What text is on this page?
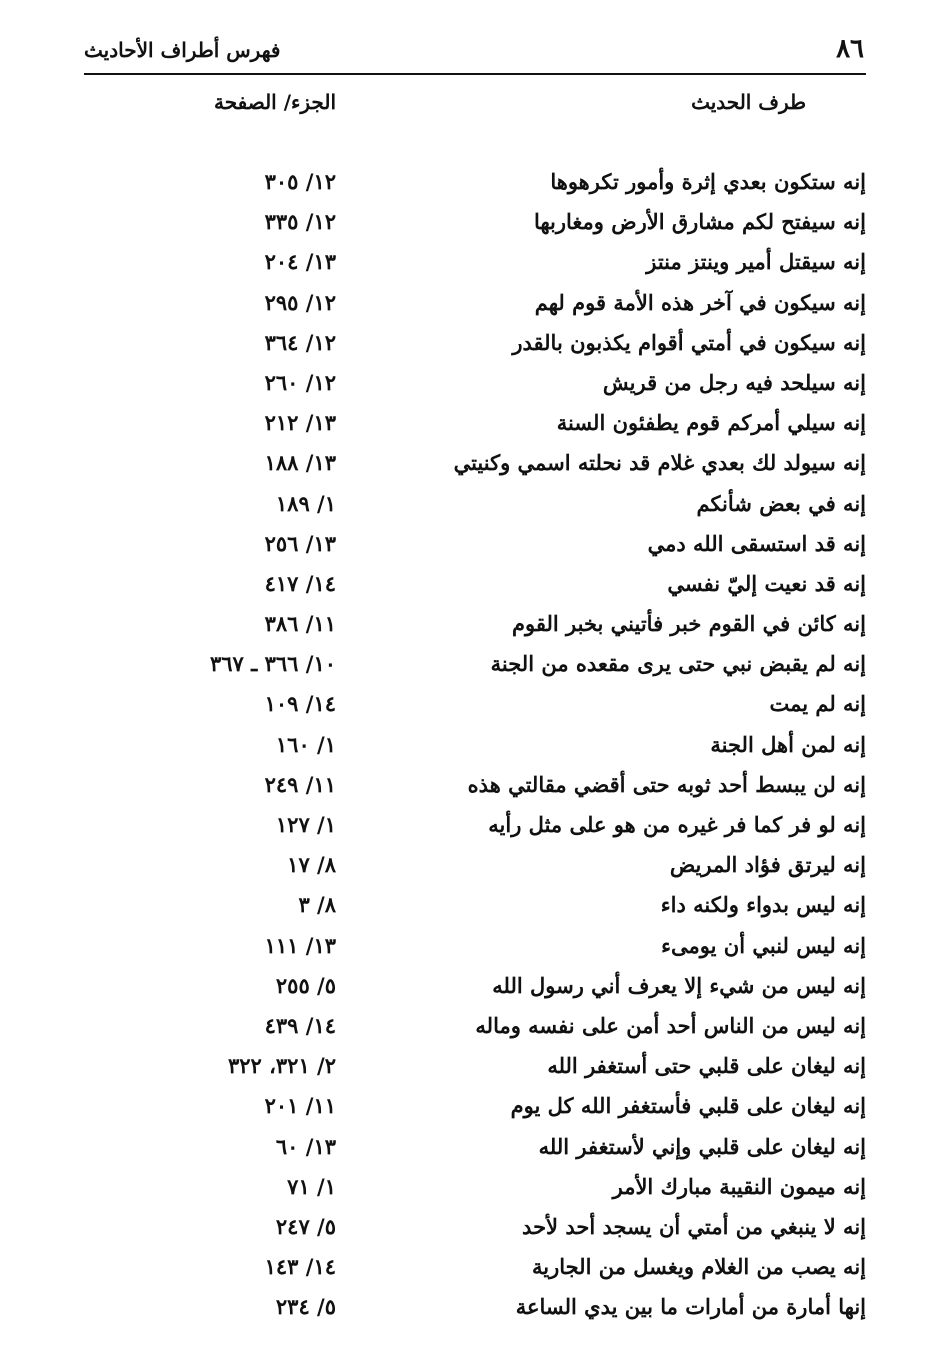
٨٦
فهرس أطراف الأحاديث
طرف الحديث
الجزء/ الصفحة
إنه ستكون بعدي إثرة وأمور تكرهوها
١٢/ ٣٠٥
إنه سيفتح لكم مشارق الأرض ومغاربها
١٢/ ٣٣٥
إنه سيقتل أمير وينتز منتز
١٣/ ٢٠٤
إنه سيكون في آخر هذه الأمة قوم لهم
١٢/ ٢٩٥
إنه سيكون في أمتي أقوام يكذبون بالقدر
١٢/ ٣٦٤
إنه سيلحد فيه رجل من قريش
١٢/ ٢٦٠
إنه سيلي أمركم قوم يطفئون السنة
١٣/ ٢١٢
إنه سيولد لك بعدي غلام قد نحلته اسمي وكنيتي
١٣/ ١٨٨
إنه في بعض شأنكم
١/ ١٨٩
إنه قد استسقى الله دمي
١٣/ ٢٥٦
إنه قد نعيت إليّ نفسي
١٤/ ٤١٧
إنه كائن في القوم خبر فأتيني بخبر القوم
١١/ ٣٨٦
إنه لم يقبض نبي حتى يرى مقعده من الجنة
١٠/ ٣٦٦ ـ ٣٦٧
إنه لم يمت
١٤/ ١٠٩
إنه لمن أهل الجنة
١/ ١٦٠
إنه لن يبسط أحد ثوبه حتى أقضي مقالتي هذه
١١/ ٢٤٩
إنه لو فر كما فر غيره من هو على مثل رأيه
١/ ١٢٧
إنه ليرتق فؤاد المريض
٨/ ١٧
إنه ليس بدواء ولكنه داء
٨/ ٣
إنه ليس لنبي أن يومىء
١٣/ ١١١
إنه ليس من شيء إلا يعرف أني رسول الله
٥/ ٢٥٥
إنه ليس من الناس أحد أمن على نفسه وماله
١٤/ ٤٣٩
إنه ليغان على قلبي حتى أستغفر الله
٢/ ٣٢١، ٣٢٢
إنه ليغان على قلبي فأستغفر الله كل يوم
١١/ ٢٠١
إنه ليغان على قلبي وإني لأستغفر الله
١٣/ ٦٠
إنه ميمون النقيبة مبارك الأمر
١/ ٧١
إنه لا ينبغي من أمتي أن يسجد أحد لأحد
٥/ ٢٤٧
إنه يصب من الغلام ويغسل من الجارية
١٤/ ١٤٣
إنها أمارة من أمارات ما بين يدي الساعة
٥/ ٢٣٤
